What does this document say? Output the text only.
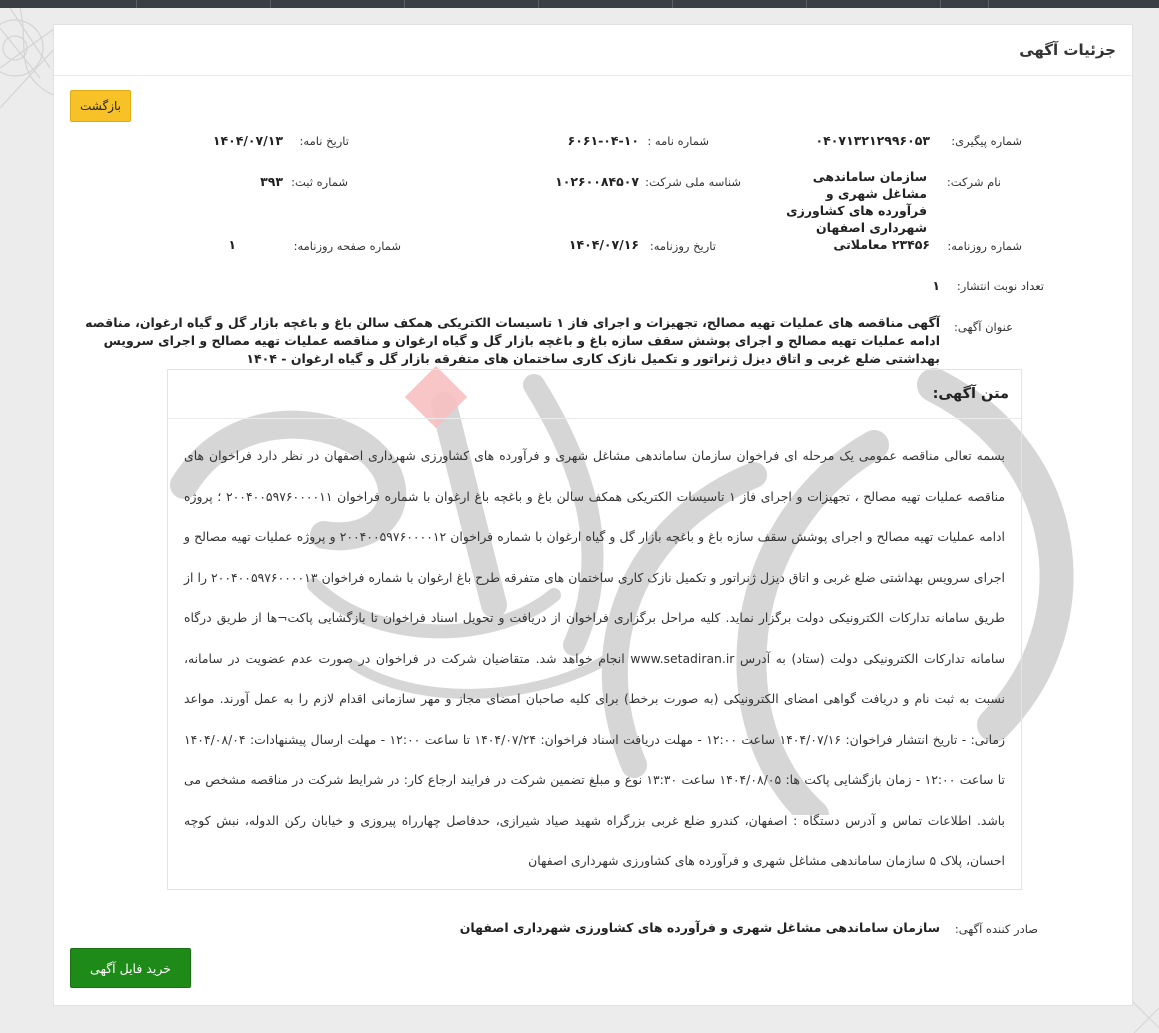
جزئیات آگهی
بازگشت
شماره پیگیری:
۰۴۰۷۱۳۲۱۲۹۹۶۰۵۳
شماره نامه :
۶۰۶۱-۰۴-۱۰
تاریخ نامه:
۱۴۰۴/۰۷/۱۳
نام شرکت:
سازمان ساماندهی مشاغل شهری و فرآورده های کشاورزی شهرداری اصفهان
شناسه ملی شرکت:
۱۰۲۶۰۰۸۴۵۰۷
شماره ثبت:
۳۹۳
شماره روزنامه:
۲۳۴۵۶ معاملاتی
تاریخ روزنامه:
۱۴۰۴/۰۷/۱۶
شماره صفحه روزنامه:
۱
تعداد نوبت انتشار:
۱
عنوان آگهی:
آگهی مناقصه های عملیات تهیه مصالح، تجهیزات و اجرای فاز ۱ تاسیسات الکتریکی همکف سالن باغ و باغچه بازار گل و گیاه ارغوان، مناقصه ادامه عملیات تهیه مصالح و اجرای پوشش سقف سازه باغ و باغچه بازار گل و گیاه ارغوان و مناقصه عملیات تهیه مصالح و اجرای سرویس بهداشتی ضلع غربی و اتاق دیزل ژنراتور و تکمیل نازک کاری ساختمان های متفرقه بازار گل و گیاه ارغوان - ۱۴۰۴
متن آگهی:
بسمه تعالی مناقصه عمومی یک مرحله ای فراخوان سازمان ساماندهی مشاغل شهری و فرآورده های کشاورزی شهرداری اصفهان در نظر دارد فراخوان های مناقصه عملیات تهیه مصالح ، تجهیزات و اجرای فاز ۱ تاسیسات الکتریکی همکف سالن باغ و باغچه باغ ارغوان با شماره فراخوان ۲۰۰۴۰۰۵۹۷۶۰۰۰۰۱۱ ؛ پروژه ادامه عملیات تهیه مصالح و اجرای پوشش سقف سازه باغ و باغچه بازار گل و گیاه ارغوان با شماره فراخوان ۲۰۰۴۰۰۵۹۷۶۰۰۰۰۱۲ و پروژه عملیات تهیه مصالح و اجرای سرویس بهداشتی ضلع غربی و اتاق دیزل ژنراتور و تکمیل نازک کاری ساختمان های متفرقه طرح باغ ارغوان با شماره فراخوان ۲۰۰۴۰۰۵۹۷۶۰۰۰۰۱۳ را از طریق سامانه تدارکات الکترونیکی دولت برگزار نماید. کلیه مراحل برگزاری فراخوان از دریافت و تحویل اسناد فراخوان تا بازگشایی پاکت¬ها از طریق درگاه سامانه تدارکات الکترونیکی دولت (ستاد) به آدرس www.setadiran.ir انجام خواهد شد. متقاضیان شرکت در فراخوان در صورت عدم عضویت در سامانه، نسبت به ثبت نام و دریافت گواهی امضای الکترونیکی (به صورت برخط) برای کلیه صاحبان امضای مجاز و مهر سازمانی اقدام لازم را به عمل آورند. مواعد زمانی: - تاریخ انتشار فراخوان: ۱۴۰۴/۰۷/۱۶ ساعت ۱۲:۰۰ - مهلت دریافت اسناد فراخوان: ۱۴۰۴/۰۷/۲۴ تا ساعت ۱۲:۰۰ - مهلت ارسال پیشنهادات: ۱۴۰۴/۰۸/۰۴ تا ساعت ۱۲:۰۰ - زمان بازگشایی پاکت ها: ۱۴۰۴/۰۸/۰۵ ساعت ۱۳:۳۰ نوع و مبلغ تضمین شرکت در فرایند ارجاع کار: در شرایط شرکت در مناقصه مشخص می باشد. اطلاعات تماس و آدرس دستگاه : اصفهان، کندرو ضلع غربی بزرگراه شهید صیاد شیرازی، حدفاصل چهارراه پیروزی و خیابان رکن الدوله، نبش کوچه احسان، پلاک ۵ سازمان ساماندهی مشاغل شهری و فرآورده های کشاورزی شهرداری اصفهان
صادر کننده آگهی:
سازمان ساماندهی مشاغل شهری و فرآورده های کشاورزی شهرداری اصفهان
خرید فایل آگهی
